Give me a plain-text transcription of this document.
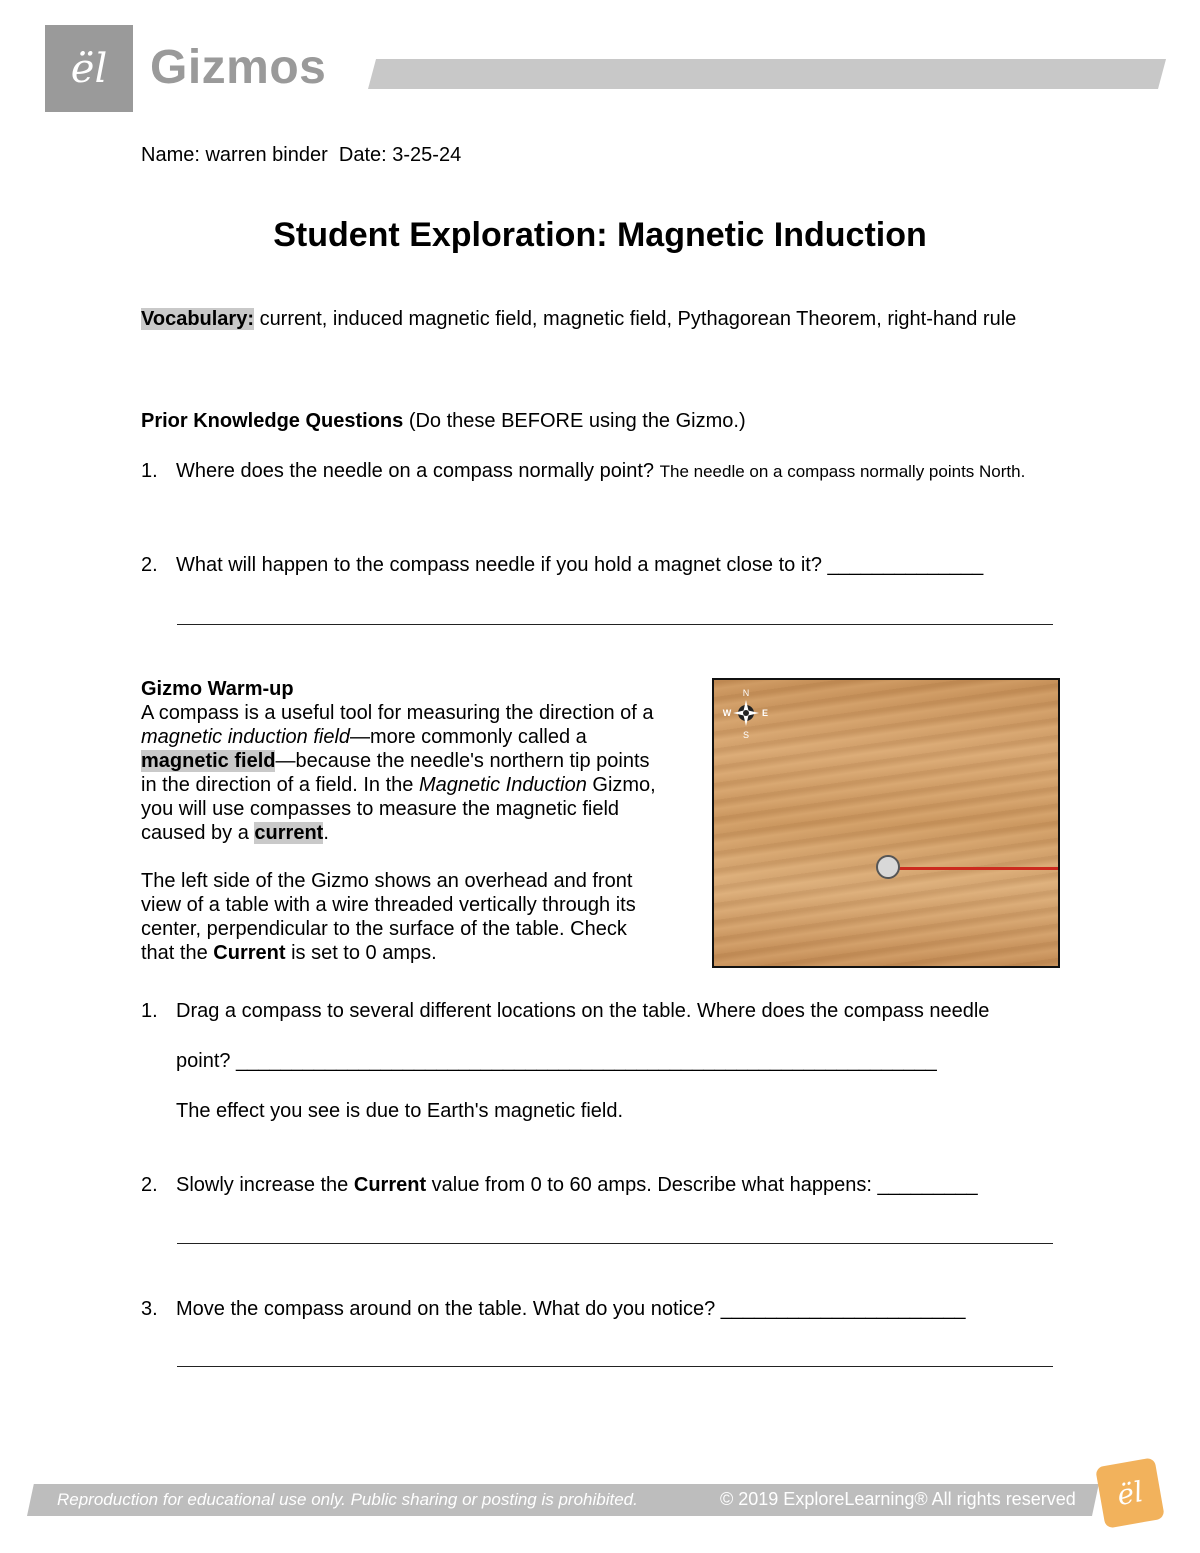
ël Gizmos
Name: warren binder Date: 3-25-24
Student Exploration: Magnetic Induction
Vocabulary: current, induced magnetic field, magnetic field, Pythagorean Theorem, right-hand rule
Prior Knowledge Questions (Do these BEFORE using the Gizmo.)
1. Where does the needle on a compass normally point? The needle on a compass normally points North.
2. What will happen to the compass needle if you hold a magnet close to it? ______________

Gizmo Warm-up

A compass is a useful tool for measuring the direction of a magnetic induction field—more commonly called a magnetic field—because the needle's northern tip points in the direction of a field. In the Magnetic Induction Gizmo, you will use compasses to measure the magnetic field caused by a current.

The left side of the Gizmo shows an overhead and front view of a table with a wire threaded vertically through its center, perpendicular to the surface of the table. Check that the Current is set to 0 amps.

N
W	E
S
1. Drag a compass to several different locations on the table. Where does the compass needle
point? _______________________________________________________________
The effect you see is due to Earth's magnetic field.
2. Slowly increase the Current value from 0 to 60 amps. Describe what happens: _________
3. Move the compass around on the table. What do you notice? ______________________
Reproduction for educational use only. Public sharing or posting is prohibited.	© 2019 ExploreLearning® All rights reserved	ël
